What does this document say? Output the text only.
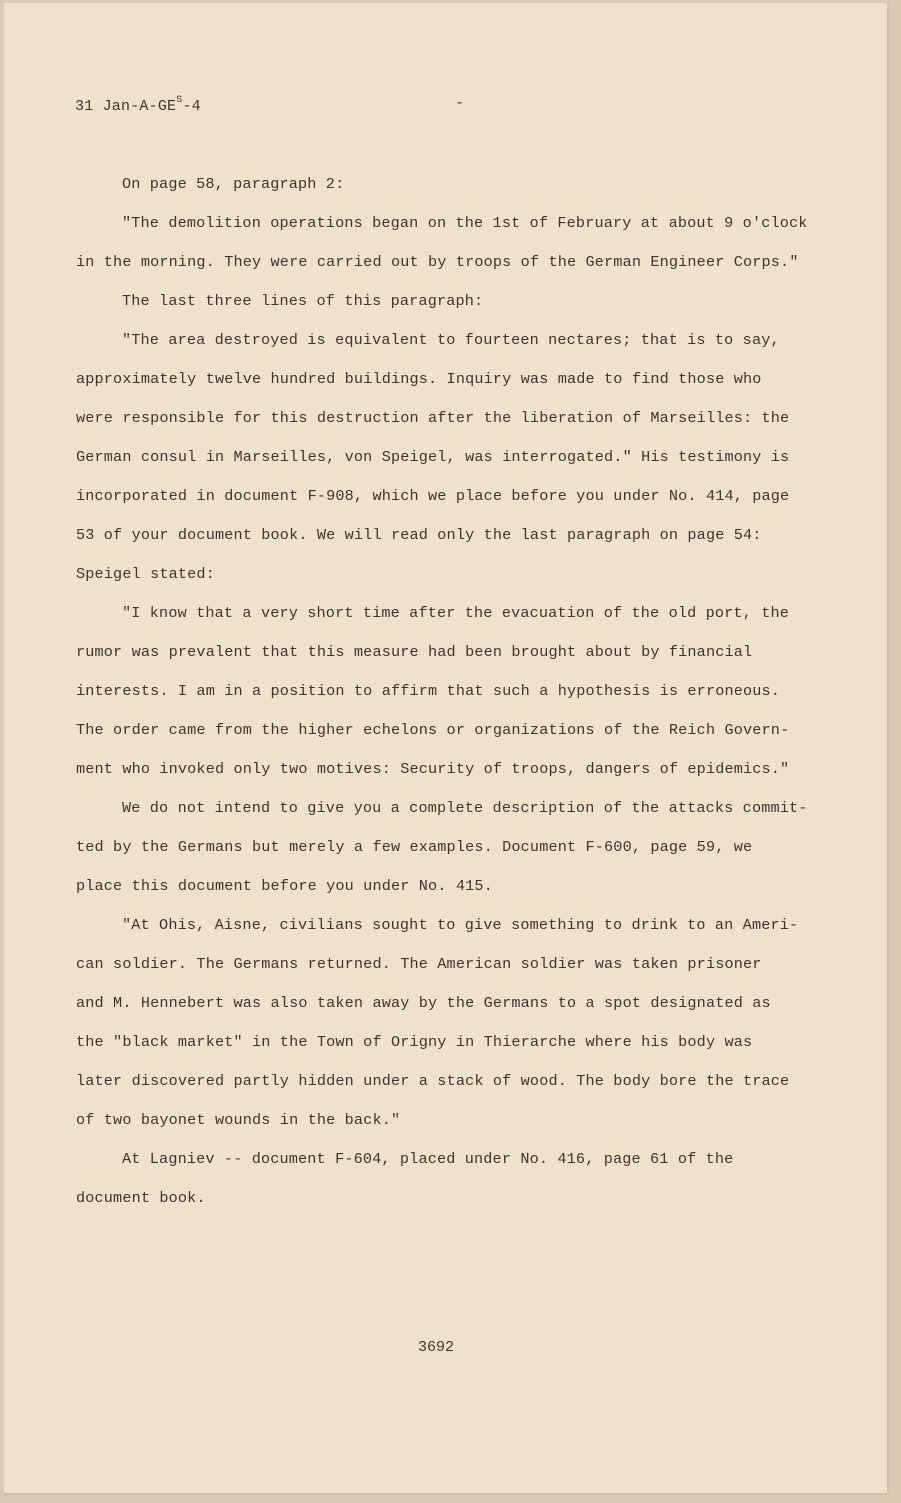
31 Jan-$A-GE^S-4$	-
On page 58, paragraph 2:
"The demolition operations began on the 1st of February at about 9 o'clock
in the morning. They were carried out by troops of the German Engineer Corps."
The last three lines of this paragraph:
"The area destroyed is equivalent to fourteen nectares; that is to say,
approximately twelve hundred buildings. Inquiry was made to find those who
were responsible for this destruction after the liberation of Marseilles: the
German consul in Marseilles, von Speigel, was interrogated." His testimony is
incorporated in document F-908, which we place before you under No. 414, page
53 of your document book. We will read only the last paragraph on page 54:
Speigel stated:
"I know that a very short time after the evacuation of the old port, the
rumor was prevalent that this measure had been brought about by financial
interests. I am in a position to affirm that such a hypothesis is erroneous.
The order came from the higher echelons or organizations of the Reich Govern-
ment who invoked only two motives: Security of troops, dangers of epidemics."
We do not intend to give you a complete description of the attacks commit-
ted by the Germans but merely a few examples. Document F-600, page 59, we
place this document before you under No. 415.
"At Ohis, Aisne, civilians sought to give something to drink to an Ameri-
can soldier. The Germans returned. The American soldier was taken prisoner
and M. Hennebert was also taken away by the Germans to a spot designated as
the "black market" in the Town of Origny in Thierarche where his body was
later discovered partly hidden under a stack of wood. The body bore the trace
of two bayonet wounds in the back."
At Lagniev -- document F-604, placed under No. 416, page 61 of the
document book.
3692
